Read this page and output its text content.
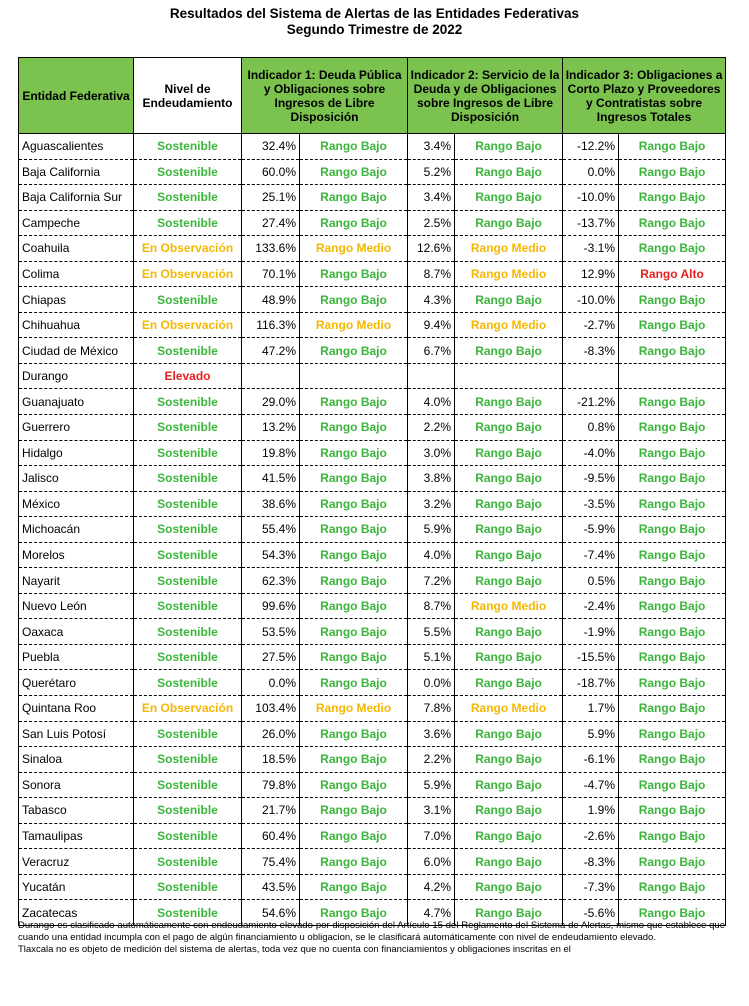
Resultados del Sistema de Alertas de las Entidades Federativas
Segundo Trimestre de 2022
Entidad Federativa	Nivel de Endeudamiento	Indicador 1: Deuda Pública y Obligaciones sobre Ingresos de Libre Disposición		Indicador 2: Servicio de la Deuda y de Obligaciones sobre Ingresos de Libre Disposición		Indicador 3: Obligaciones a Corto Plazo y Proveedores y Contratistas sobre Ingresos Totales	
Aguascalientes	Sostenible	32.4%	Rango Bajo	3.4%	Rango Bajo	-12.2%	Rango Bajo
Baja California	Sostenible	60.0%	Rango Bajo	5.2%	Rango Bajo	0.0%	Rango Bajo
Baja California Sur	Sostenible	25.1%	Rango Bajo	3.4%	Rango Bajo	-10.0%	Rango Bajo
Campeche	Sostenible	27.4%	Rango Bajo	2.5%	Rango Bajo	-13.7%	Rango Bajo
Coahuila	En Observación	133.6%	Rango Medio	12.6%	Rango Medio	-3.1%	Rango Bajo
Colima	En Observación	70.1%	Rango Bajo	8.7%	Rango Medio	12.9%	Rango Alto
Chiapas	Sostenible	48.9%	Rango Bajo	4.3%	Rango Bajo	-10.0%	Rango Bajo
Chihuahua	En Observación	116.3%	Rango Medio	9.4%	Rango Medio	-2.7%	Rango Bajo
Ciudad de México	Sostenible	47.2%	Rango Bajo	6.7%	Rango Bajo	-8.3%	Rango Bajo
Durango	Elevado						
Guanajuato	Sostenible	29.0%	Rango Bajo	4.0%	Rango Bajo	-21.2%	Rango Bajo
Guerrero	Sostenible	13.2%	Rango Bajo	2.2%	Rango Bajo	0.8%	Rango Bajo
Hidalgo	Sostenible	19.8%	Rango Bajo	3.0%	Rango Bajo	-4.0%	Rango Bajo
Jalisco	Sostenible	41.5%	Rango Bajo	3.8%	Rango Bajo	-9.5%	Rango Bajo
México	Sostenible	38.6%	Rango Bajo	3.2%	Rango Bajo	-3.5%	Rango Bajo
Michoacán	Sostenible	55.4%	Rango Bajo	5.9%	Rango Bajo	-5.9%	Rango Bajo
Morelos	Sostenible	54.3%	Rango Bajo	4.0%	Rango Bajo	-7.4%	Rango Bajo
Nayarit	Sostenible	62.3%	Rango Bajo	7.2%	Rango Bajo	0.5%	Rango Bajo
Nuevo León	Sostenible	99.6%	Rango Bajo	8.7%	Rango Medio	-2.4%	Rango Bajo
Oaxaca	Sostenible	53.5%	Rango Bajo	5.5%	Rango Bajo	-1.9%	Rango Bajo
Puebla	Sostenible	27.5%	Rango Bajo	5.1%	Rango Bajo	-15.5%	Rango Bajo
Querétaro	Sostenible	0.0%	Rango Bajo	0.0%	Rango Bajo	-18.7%	Rango Bajo
Quintana Roo	En Observación	103.4%	Rango Medio	7.8%	Rango Medio	1.7%	Rango Bajo
San Luis Potosí	Sostenible	26.0%	Rango Bajo	3.6%	Rango Bajo	5.9%	Rango Bajo
Sinaloa	Sostenible	18.5%	Rango Bajo	2.2%	Rango Bajo	-6.1%	Rango Bajo
Sonora	Sostenible	79.8%	Rango Bajo	5.9%	Rango Bajo	-4.7%	Rango Bajo
Tabasco	Sostenible	21.7%	Rango Bajo	3.1%	Rango Bajo	1.9%	Rango Bajo
Tamaulipas	Sostenible	60.4%	Rango Bajo	7.0%	Rango Bajo	-2.6%	Rango Bajo
Veracruz	Sostenible	75.4%	Rango Bajo	6.0%	Rango Bajo	-8.3%	Rango Bajo
Yucatán	Sostenible	43.5%	Rango Bajo	4.2%	Rango Bajo	-7.3%	Rango Bajo
Zacatecas	Sostenible	54.6%	Rango Bajo	4.7%	Rango Bajo	-5.6%	Rango Bajo

Durango es clasificado automáticamente con endeudamiento elevado por disposición del Artículo 15 del Reglamento del Sistema de Alertas, mismo que establece que cuando una entidad incumpla con el pago de algún financiamiento u obligacion, se le clasificará automáticamente con nivel de endeudamiento elevado.

Tlaxcala no es objeto de medición del sistema de alertas, toda vez que no cuenta con financiamientos y obligaciones inscritas en el
